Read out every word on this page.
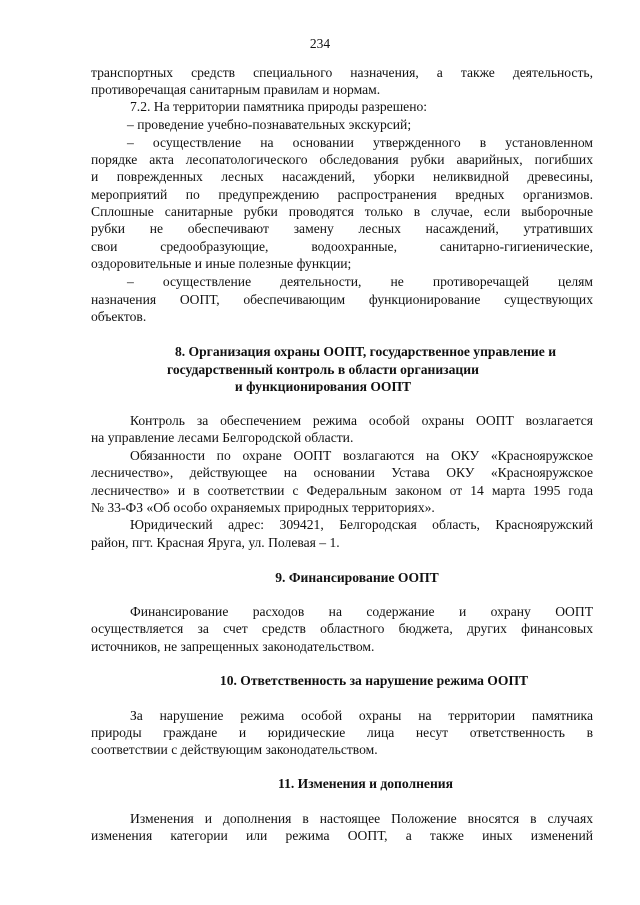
234
транспортных средств специального назначения, а также деятельность,
противоречащая санитарным правилам и нормам.
7.2. На территории памятника природы разрешено:
– проведение учебно-познавательных экскурсий;
– осуществление на основании утвержденного в установленном
порядке акта лесопатологического обследования рубки аварийных, погибших
и поврежденных лесных насаждений, уборки неликвидной древесины,
мероприятий по предупреждению распространения вредных организмов.
Сплошные санитарные рубки проводятся только в случае, если выборочные
рубки не обеспечивают замену лесных насаждений, утративших
свои средообразующие, водоохранные, санитарно-гигиенические,
оздоровительные и иные полезные функции;
– осуществление деятельности, не противоречащей целям
назначения ООПТ, обеспечивающим функционирование существующих
объектов.
8. Организация охраны ООПТ, государственное управление и
государственный контроль в области организации
и функционирования ООПТ
Контроль за обеспечением режима особой охраны ООПТ возлагается
на управление лесами Белгородской области.
Обязанности по охране ООПТ возлагаются на ОКУ «Краснояружское
лесничество», действующее на основании Устава ОКУ «Краснояружское
лесничество» и в соответствии с Федеральным законом от 14 марта 1995 года
№ 33-ФЗ «Об особо охраняемых природных территориях».
Юридический адрес: 309421, Белгородская область, Краснояружский
район, пгт. Красная Яруга, ул. Полевая – 1.
9. Финансирование ООПТ
Финансирование расходов на содержание и охрану ООПТ
осуществляется за счет средств областного бюджета, других финансовых
источников, не запрещенных законодательством.
10. Ответственность за нарушение режима ООПТ
За нарушение режима особой охраны на территории памятника
природы граждане и юридические лица несут ответственность в
соответствии с действующим законодательством.
11. Изменения и дополнения
Изменения и дополнения в настоящее Положение вносятся в случаях
изменения категории или режима ООПТ, а также иных изменений
